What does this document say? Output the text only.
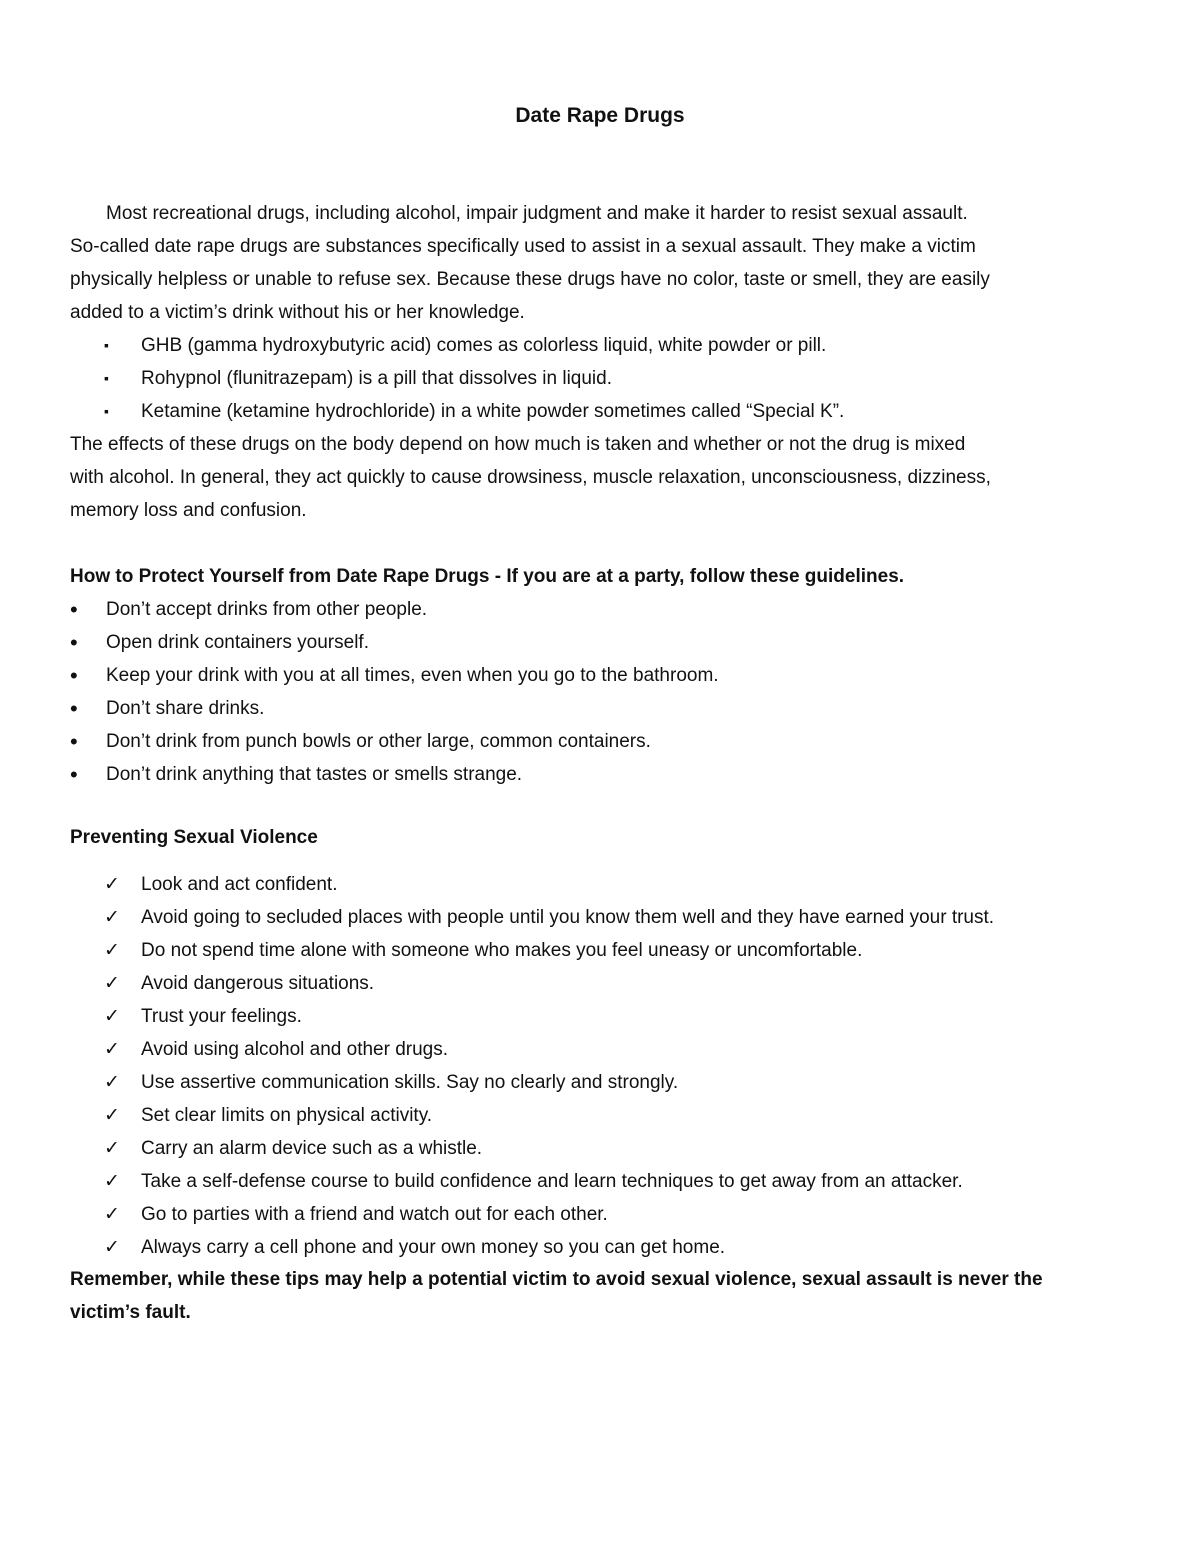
Date Rape Drugs
Most recreational drugs, including alcohol, impair judgment and make it harder to resist sexual assault.
So-called date rape drugs are substances specifically used to assist in a sexual assault. They make a victim
physically helpless or unable to refuse sex. Because these drugs have no color, taste or smell, they are easily
added to a victim’s drink without his or her knowledge.
▪ GHB (gamma hydroxybutyric acid) comes as colorless liquid, white powder or pill.
▪ Rohypnol (flunitrazepam) is a pill that dissolves in liquid.
▪ Ketamine (ketamine hydrochloride) in a white powder sometimes called “Special K”.
The effects of these drugs on the body depend on how much is taken and whether or not the drug is mixed
with alcohol. In general, they act quickly to cause drowsiness, muscle relaxation, unconsciousness, dizziness,
memory loss and confusion.
How to Protect Yourself from Date Rape Drugs - If you are at a party, follow these guidelines.
• Don’t accept drinks from other people.
• Open drink containers yourself.
• Keep your drink with you at all times, even when you go to the bathroom.
• Don’t share drinks.
• Don’t drink from punch bowls or other large, common containers.
• Don’t drink anything that tastes or smells strange.
Preventing Sexual Violence
✓ Look and act confident.
✓ Avoid going to secluded places with people until you know them well and they have earned your trust.
✓ Do not spend time alone with someone who makes you feel uneasy or uncomfortable.
✓ Avoid dangerous situations.
✓ Trust your feelings.
✓ Avoid using alcohol and other drugs.
✓ Use assertive communication skills. Say no clearly and strongly.
✓ Set clear limits on physical activity.
✓ Carry an alarm device such as a whistle.
✓ Take a self-defense course to build confidence and learn techniques to get away from an attacker.
✓ Go to parties with a friend and watch out for each other.
✓ Always carry a cell phone and your own money so you can get home.
Remember, while these tips may help a potential victim to avoid sexual violence, sexual assault is never the
victim’s fault.
